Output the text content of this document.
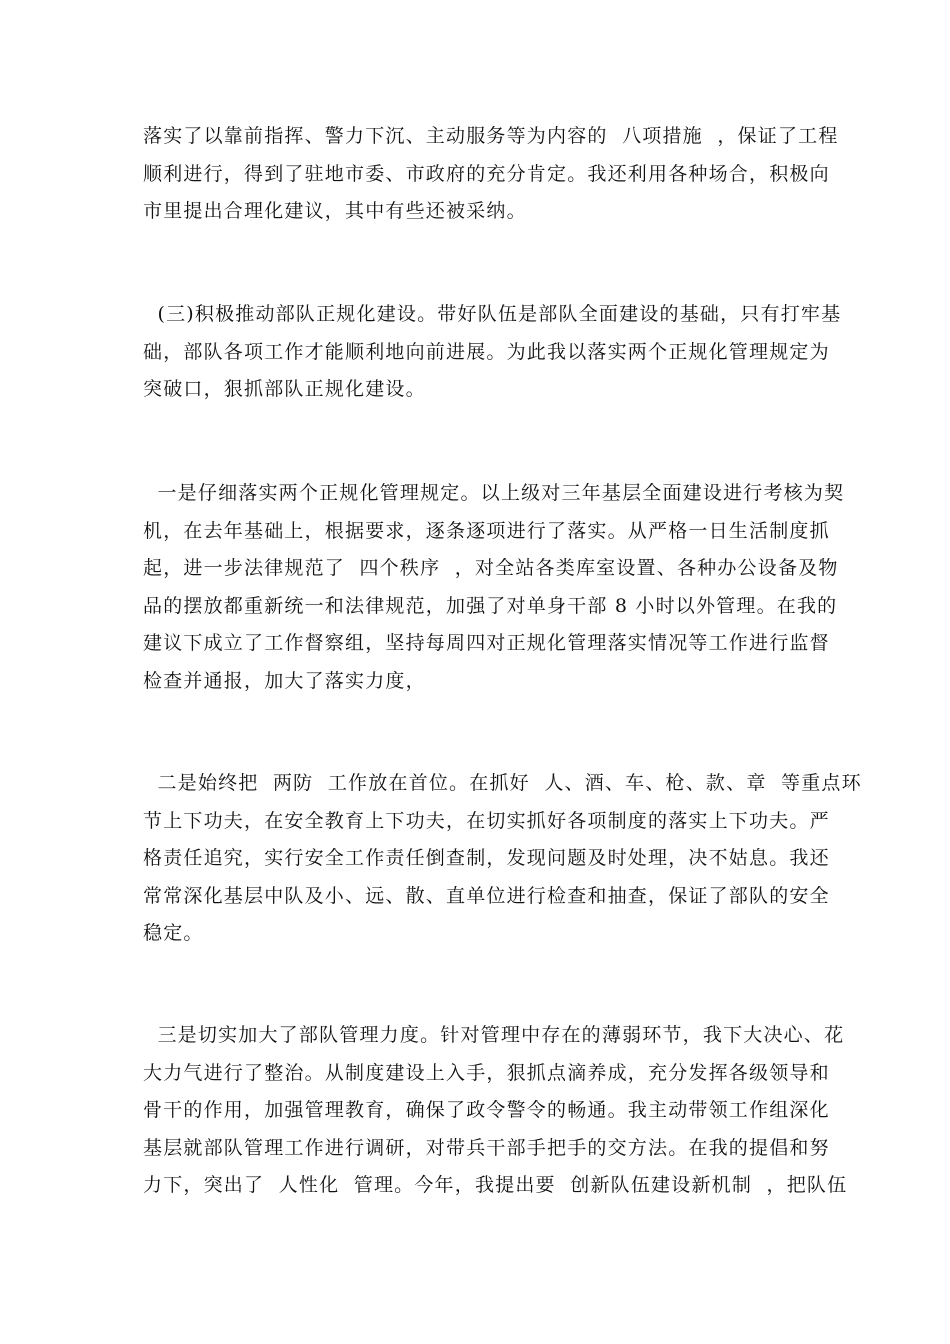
落实了以靠前指挥、警力下沉、主动服务等为内容的  八项措施  ，保证了工程
顺利进行，得到了驻地市委、市政府的充分肯定。我还利用各种场合，积极向
市里提出合理化建议，其中有些还被采纳。
(三)积极推动部队正规化建设。带好队伍是部队全面建设的基础，只有打牢基
础，部队各项工作才能顺利地向前进展。为此我以落实两个正规化管理规定为
突破口，狠抓部队正规化建设。
一是仔细落实两个正规化管理规定。以上级对三年基层全面建设进行考核为契
机，在去年基础上，根据要求，逐条逐项进行了落实。从严格一日生活制度抓
起，进一步法律规范了  四个秩序  ，对全站各类库室设置、各种办公设备及物
品的摆放都重新统一和法律规范，加强了对单身干部 8 小时以外管理。在我的
建议下成立了工作督察组，坚持每周四对正规化管理落实情况等工作进行监督
检查并通报，加大了落实力度，
二是始终把  两防  工作放在首位。在抓好  人、酒、车、枪、款、章  等重点环
节上下功夫，在安全教育上下功夫，在切实抓好各项制度的落实上下功夫。严
格责任追究，实行安全工作责任倒查制，发现问题及时处理，决不姑息。我还
常常深化基层中队及小、远、散、直单位进行检查和抽查，保证了部队的安全
稳定。
三是切实加大了部队管理力度。针对管理中存在的薄弱环节，我下大决心、花
大力气进行了整治。从制度建设上入手，狠抓点滴养成，充分发挥各级领导和
骨干的作用，加强管理教育，确保了政令警令的畅通。我主动带领工作组深化
基层就部队管理工作进行调研，对带兵干部手把手的交方法。在我的提倡和努
力下，突出了  人性化  管理。今年，我提出要  创新队伍建设新机制  ，把队伍
